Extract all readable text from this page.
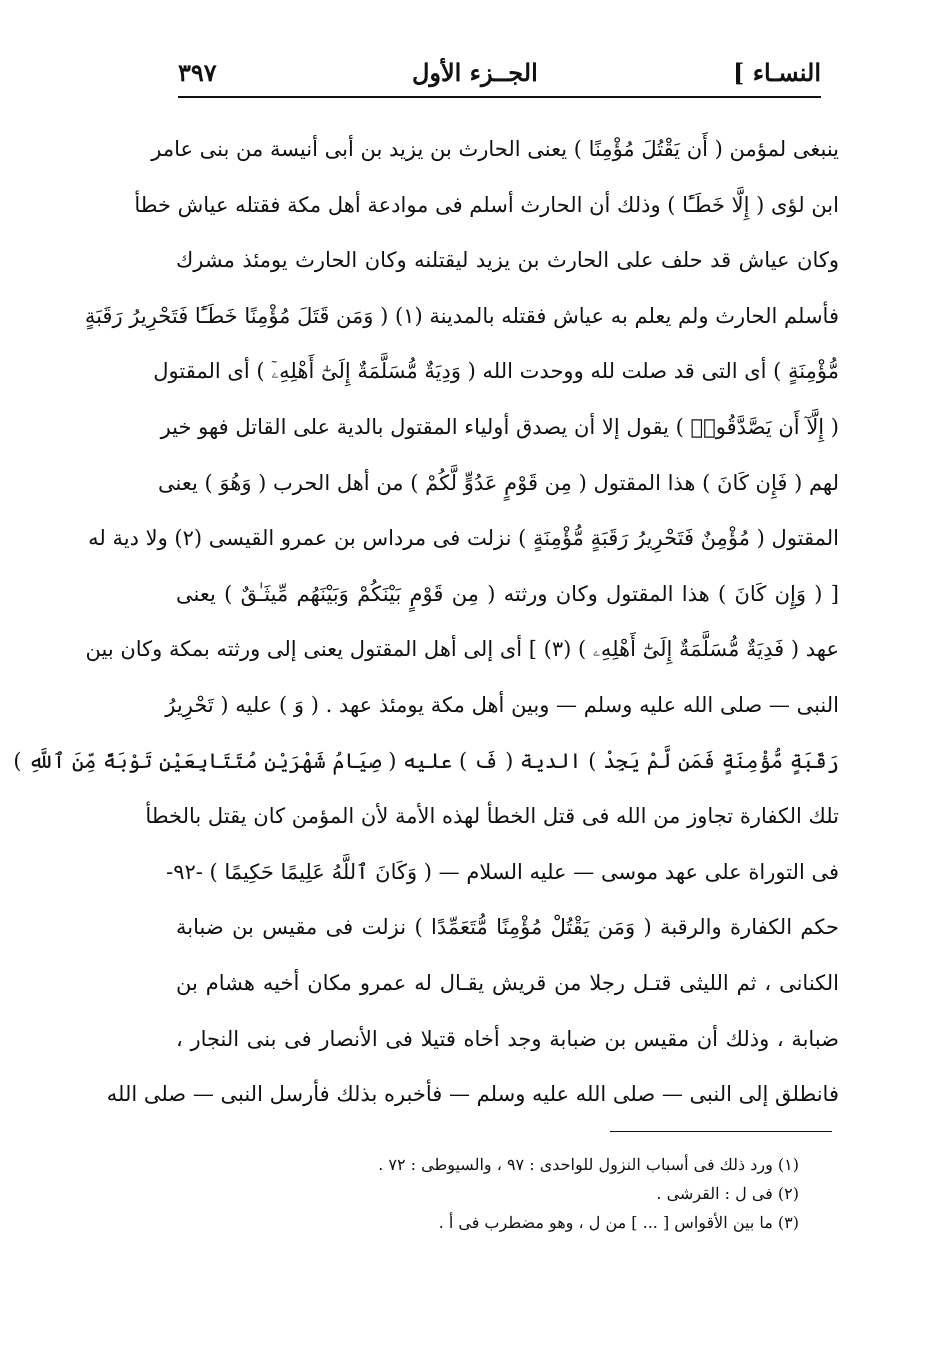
النسـاء ]
الجــزء الأول
٣٩٧
ينبغى لمؤمن ( أَن يَقْتُلَ مُؤْمِنًا ) يعنى الحارث بن يزيد بن أبى أنيسة من بنى عامر
ابن لؤى ( إِلَّا خَطَـًٔا ) وذلك أن الحارث أسلم فى موادعة أهل مكة فقتله عياش خطأ
وكان عياش قد حلف على الحارث بن يزيد ليقتلنه وكان الحارث يومئذ مشرك
فأسلم الحارث ولم يعلم به عياش فقتله بالمدينة (١) ( وَمَن قَتَلَ مُؤْمِنًا خَطَـًٔا فَتَحْرِيرُ رَقَبَةٍ
مُّؤْمِنَةٍ ) أى التى قد صلت لله ووحدت الله ( وَدِيَةٌ مُّسَلَّمَةٌ إِلَىٰٓ أَهْلِهِۦٓ ) أى المقتول
( إِلَّآ أَن يَصَّدَّقُوا۟ ) يقول إلا أن يصدق أولياء المقتول بالدية على القاتل فهو خير
لهم ( فَإِن كَانَ ) هذا المقتول ( مِن قَوْمٍ عَدُوٍّ لَّكُمْ ) من أهل الحرب ( وَهُوَ ) يعنى
المقتول ( مُؤْمِنٌ فَتَحْرِيرُ رَقَبَةٍ مُّؤْمِنَةٍ ) نزلت فى مرداس بن عمرو القيسى (٢) ولا دية له
[ ( وَإِن كَانَ ) هذا المقتول وكان ورثته ( مِن قَوْمٍ بَيْنَكُمْ وَبَيْنَهُم مِّيثَـٰقٌ ) يعنى
عهد ( فَدِيَةٌ مُّسَلَّمَةٌ إِلَىٰٓ أَهْلِهِۦ ) (٣) ] أى إلى أهل المقتول يعنى إلى ورثته بمكة وكان بين
النبى — صلى الله عليه وسلم — وبين أهل مكة يومئذ عهد . ( وَ ) عليه ( تَحْرِيرُ
رَقَبَةٍ مُّؤْمِنَةٍ فَمَن لَّمْ يَجِدْ ) الدية ( فَ ) عليه ( صِيَامُ شَهْرَيْنِ مُتَتَابِعَيْنِ تَوْبَةً مِّنَ ٱللَّهِ )
تلك الكفارة تجاوز من الله فى قتل الخطأ لهذه الأمة لأن المؤمن كان يقتل بالخطأ
فى التوراة على عهد موسى — عليه السلام — ( وَكَانَ ٱللَّهُ عَلِيمًا حَكِيمًا ) -٩٢-
حكم الكفارة والرقبة ( وَمَن يَقْتُلْ مُؤْمِنًا مُّتَعَمِّدًا ) نزلت فى مقيس بن ضبابة
الكنانى ، ثم الليثى قتـل رجلا من قريش يقـال له عمرو مكان أخيه هشام بن
ضبابة ، وذلك أن مقيس بن ضبابة وجد أخاه قتيلا فى الأنصار فى بنى النجار ،
فانطلق إلى النبى — صلى الله عليه وسلم — فأخبره بذلك فأرسل النبى — صلى الله
(١) ورد ذلك فى أسباب النزول للواحدى : ٩٧ ، والسيوطى : ٧٢ .
(٢) فى ل : القرشى .
(٣) ما بين الأقواس [ ... ] من ل ، وهو مضطرب فى أ .
